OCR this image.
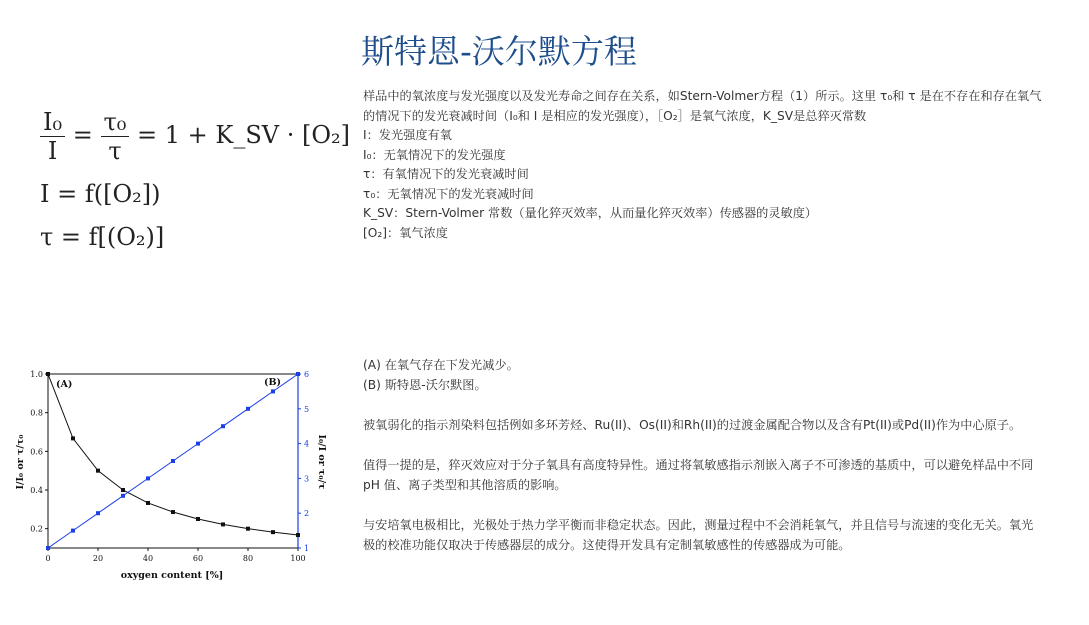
斯特恩-沃尔默方程
$\frac{\text{I₀}}{I} = \frac{\text{τ₀}}{\tau} = 1$ + K_SV · [O₂]
I = f([O₂])
τ = f[(O₂)]

样品中的氧浓度与发光强度以及发光寿命之间存在关系，如Stern-Volmer方程（1）所示。这里 τ₀和 τ 是在不存在和存在氧气的情况下的发光衰减时间（I₀和 I 是相应的发光强度），［O₂］是氧气浓度，K_SV是总猝灭常数

I：发光强度有氧
I₀：无氧情况下的发光强度
τ：有氧情况下的发光衰减时间
τ₀：无氧情况下的发光衰减时间
K_SV：Stern-Volmer 常数（量化猝灭效率，从而量化猝灭效率）传感器的灵敏度）
[O₂]：氧气浓度
0	20	40	60	80	100
0.2
0.4
0.6
0.8
1.0
1
2
3
4
5
6
oxygen content [%]
I/I₀ or τ/τ₀	I₀/I or τ₀/τ
(A)	(B)

(A) 在氧气存在下发光减少。

(B) 斯特恩-沃尔默图。

被氧弱化的指示剂染料包括例如多环芳烃、Ru(II)、Os(II)和Rh(II)的过渡金属配合物以及含有Pt(II)或Pd(II)作为中心原子。

值得一提的是，猝灭效应对于分子氧具有高度特异性。通过将氧敏感指示剂嵌入离子不可渗透的基质中，可以避免样品中不同 pH 值、离子类型和其他溶质的影响。

与安培氧电极相比，光极处于热力学平衡而非稳定状态。因此，测量过程中不会消耗氧气，并且信号与流速的变化无关。氧光极的校准功能仅取决于传感器层的成分。这使得开发具有定制氧敏感性的传感器成为可能。
